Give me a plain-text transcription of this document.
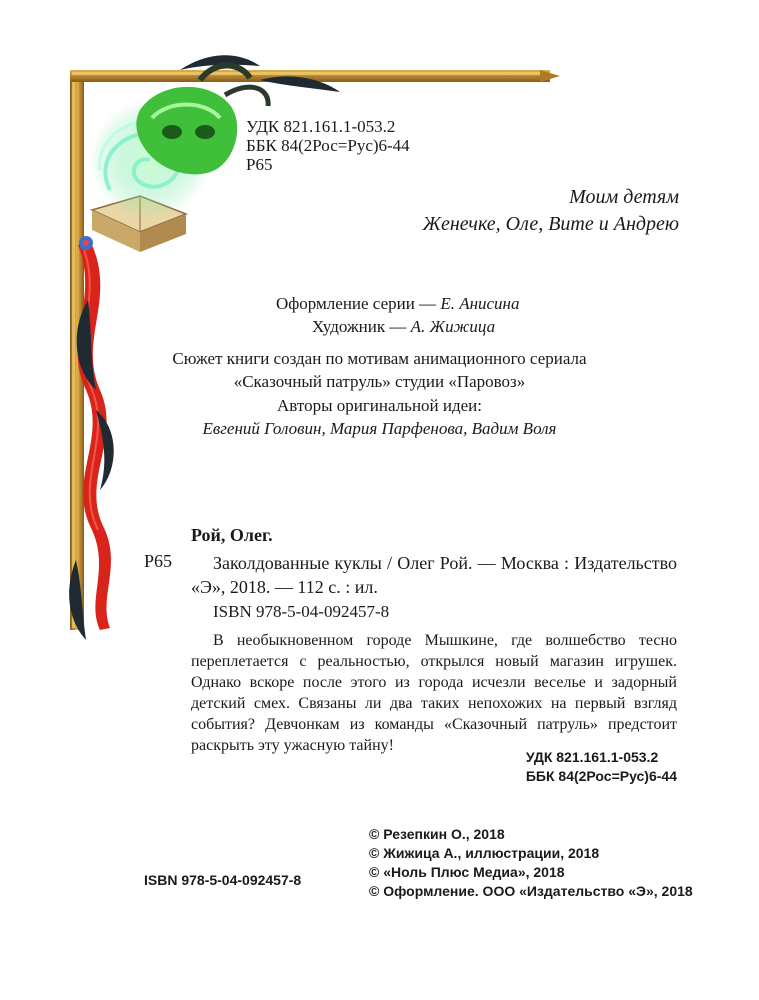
УДК 821.161.1-053.2
ББК 84(2Рос=Рус)6-44
Р65
Моим детям
Женечке, Оле, Вите и Андрею
Оформление серии — Е. Анисина
Художник — А. Жижица
Сюжет книги создан по мотивам анимационного сериала
«Сказочный патруль» студии «Паровоз»
Авторы оригинальной идеи:
Евгений Головин, Мария Парфенова, Вадим Воля
Рой, Олег.
Р65	Заколдованные куклы / Олег Рой. — Москва : Издательство «Э», 2018. — 112 с. : ил.
ISBN 978-5-04-092457-8
В необыкновенном городе Мышкине, где волшебство тесно переплетается с реальностью, открылся новый магазин игрушек. Однако вскоре после этого из города исчезли веселье и задорный детский смех. Связаны ли два таких непохожих на первый взгляд события? Девчонкам из команды «Сказочный патруль» предстоит раскрыть эту ужасную тайну!
УДК 821.161.1-053.2
ББК 84(2Рос=Рус)6-44
© Резепкин О., 2018
© Жижица А., иллюстрации, 2018
© «Ноль Плюс Медиа», 2018
© Оформление. ООО «Издательство «Э», 2018
ISBN 978-5-04-092457-8
